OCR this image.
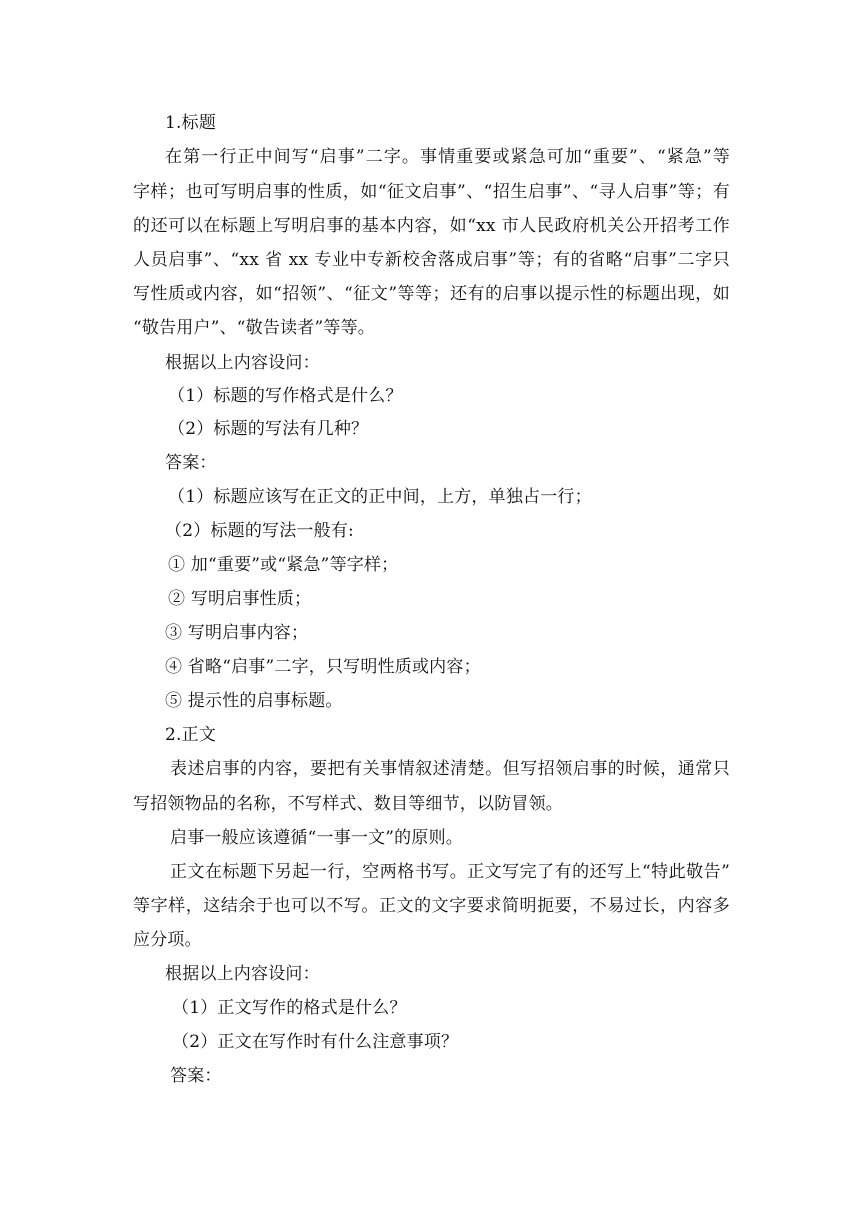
1.标题
在第一行正中间写“启事”二字。事情重要或紧急可加“重要”、“紧急”等
字样；也可写明启事的性质，如“征文启事”、“招生启事”、“寻人启事”等；有
的还可以在标题上写明启事的基本内容，如“xx 市人民政府机关公开招考工作
人员启事”、“xx 省 xx 专业中专新校舍落成启事”等；有的省略“启事”二字只
写性质或内容，如“招领”、“征文”等等；还有的启事以提示性的标题出现，如
“敬告用户”、“敬告读者”等等。
根据以上内容设问：
（1）标题的写作格式是什么？
（2）标题的写法有几种？
答案：
（1）标题应该写在正文的正中间，上方，单独占一行；
（2）标题的写法一般有:
① 加“重要”或“紧急”等字样；
② 写明启事性质；
③ 写明启事内容；
④ 省略“启事”二字，只写明性质或内容；
⑤ 提示性的启事标题。
2.正文
表述启事的内容，要把有关事情叙述清楚。但写招领启事的时候，通常只
写招领物品的名称，不写样式、数目等细节，以防冒领。
启事一般应该遵循“一事一文”的原则。
正文在标题下另起一行，空两格书写。正文写完了有的还写上“特此敬告”
等字样，这结余于也可以不写。正文的文字要求简明扼要，不易过长，内容多
应分项。
根据以上内容设问：
（1）正文写作的格式是什么？
（2）正文在写作时有什么注意事项？
答案：
